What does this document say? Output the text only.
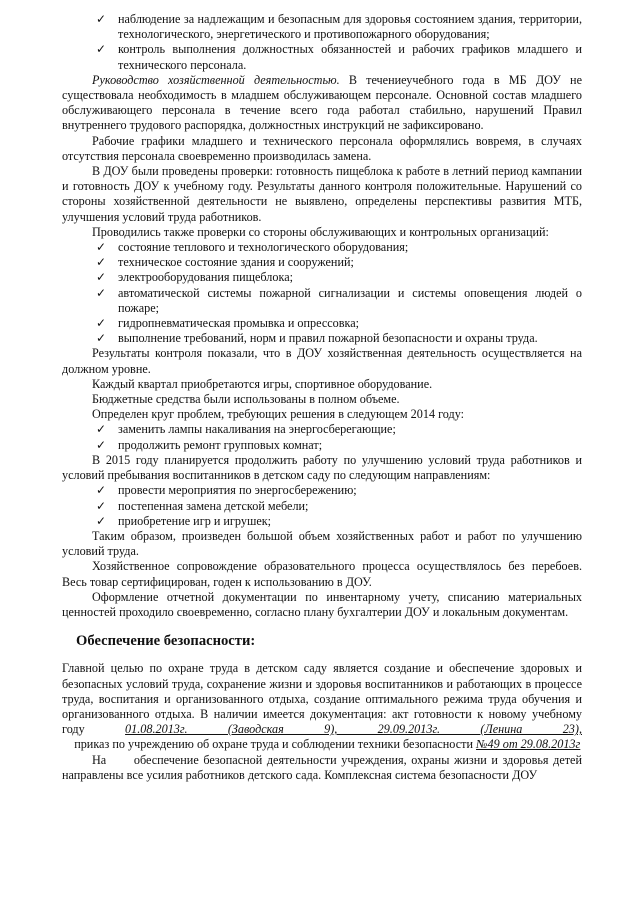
✓ наблюдение за надлежащим и безопасным для здоровья состоянием здания, территории, технологического, энергетического и противопожарного оборудования;
✓ контроль выполнения должностных обязанностей и рабочих графиков младшего и технического персонала.

Руководство хозяйственной деятельностью. В течениеучебного года в МБ ДОУ не существовала необходимость в младшем обслуживающем персонале. Основной состав младшего обслуживающего персонала в течение всего года работал стабильно, нарушений Правил внутреннего трудового распорядка, должностных инструкций не зафиксировано.

Рабочие графики младшего и технического персонала оформлялись вовремя, в случаях отсутствия персонала своевременно производилась замена.

В ДОУ были проведены проверки: готовность пищеблока к работе в летний период кампании и готовность ДОУ к учебному году. Результаты данного контроля положительные. Нарушений со стороны хозяйственной деятельности не выявлено, определены перспективы развития МТБ, улучшения условий труда работников.

Проводились также проверки со стороны обслуживающих и контрольных организаций:

✓ состояние теплового и технологического оборудования;
✓ техническое состояние здания и сооружений;
✓ электрооборудования пищеблока;
✓ автоматической системы пожарной сигнализации и системы оповещения людей о пожаре;
✓ гидропневматическая промывка и опрессовка;
✓ выполнение требований, норм и правил пожарной безопасности и охраны труда.

Результаты контроля показали, что в ДОУ хозяйственная деятельность осуществляется на должном уровне.

Каждый квартал приобретаются игры, спортивное оборудование.

Бюджетные средства были использованы в полном объеме.

Определен круг проблем, требующих решения в следующем 2014 году:

✓ заменить лампы накаливания на энергосберегающие;
✓ продолжить ремонт групповых комнат;

В 2015 году планируется продолжить работу по улучшению условий труда работников и условий пребывания воспитанников в детском саду по следующим направлениям:

✓ провести мероприятия по энергосбережению;
✓ постепенная замена детской мебели;
✓ приобретение игр и игрушек;

Таким образом, произведен большой объем хозяйственных работ и работ по улучшению условий труда.

Хозяйственное сопровождение образовательного процесса осуществлялось без перебоев. Весь товар сертифицирован, годен к использованию в ДОУ.

Оформление отчетной документации по инвентарному учету, списанию материальных ценностей проходило своевременно, согласно плану бухгалтерии ДОУ и локальным документам.

Обеспечение безопасности:

Главной целью по охране труда в детском саду является создание и обеспечение здоровых и безопасных условий труда, сохранение жизни и здоровья воспитанников и работающих в процессе труда, воспитания и организованного отдыха, создание оптимального режима труда обучения и организованного отдыха. В наличии имеется документация: акт готовности к новому учебному году 01.08.2013г. (Заводская 9), 29.09.2013г. (Ленина 23),    приказ по учреждению об охране труда и соблюдении техники безопасности №49 от 29.08.2013г

На      обеспечение безопасной деятельности учреждения, охраны жизни и здоровья детей направлены все усилия работников детского сада. Комплексная система безопасности ДОУ
